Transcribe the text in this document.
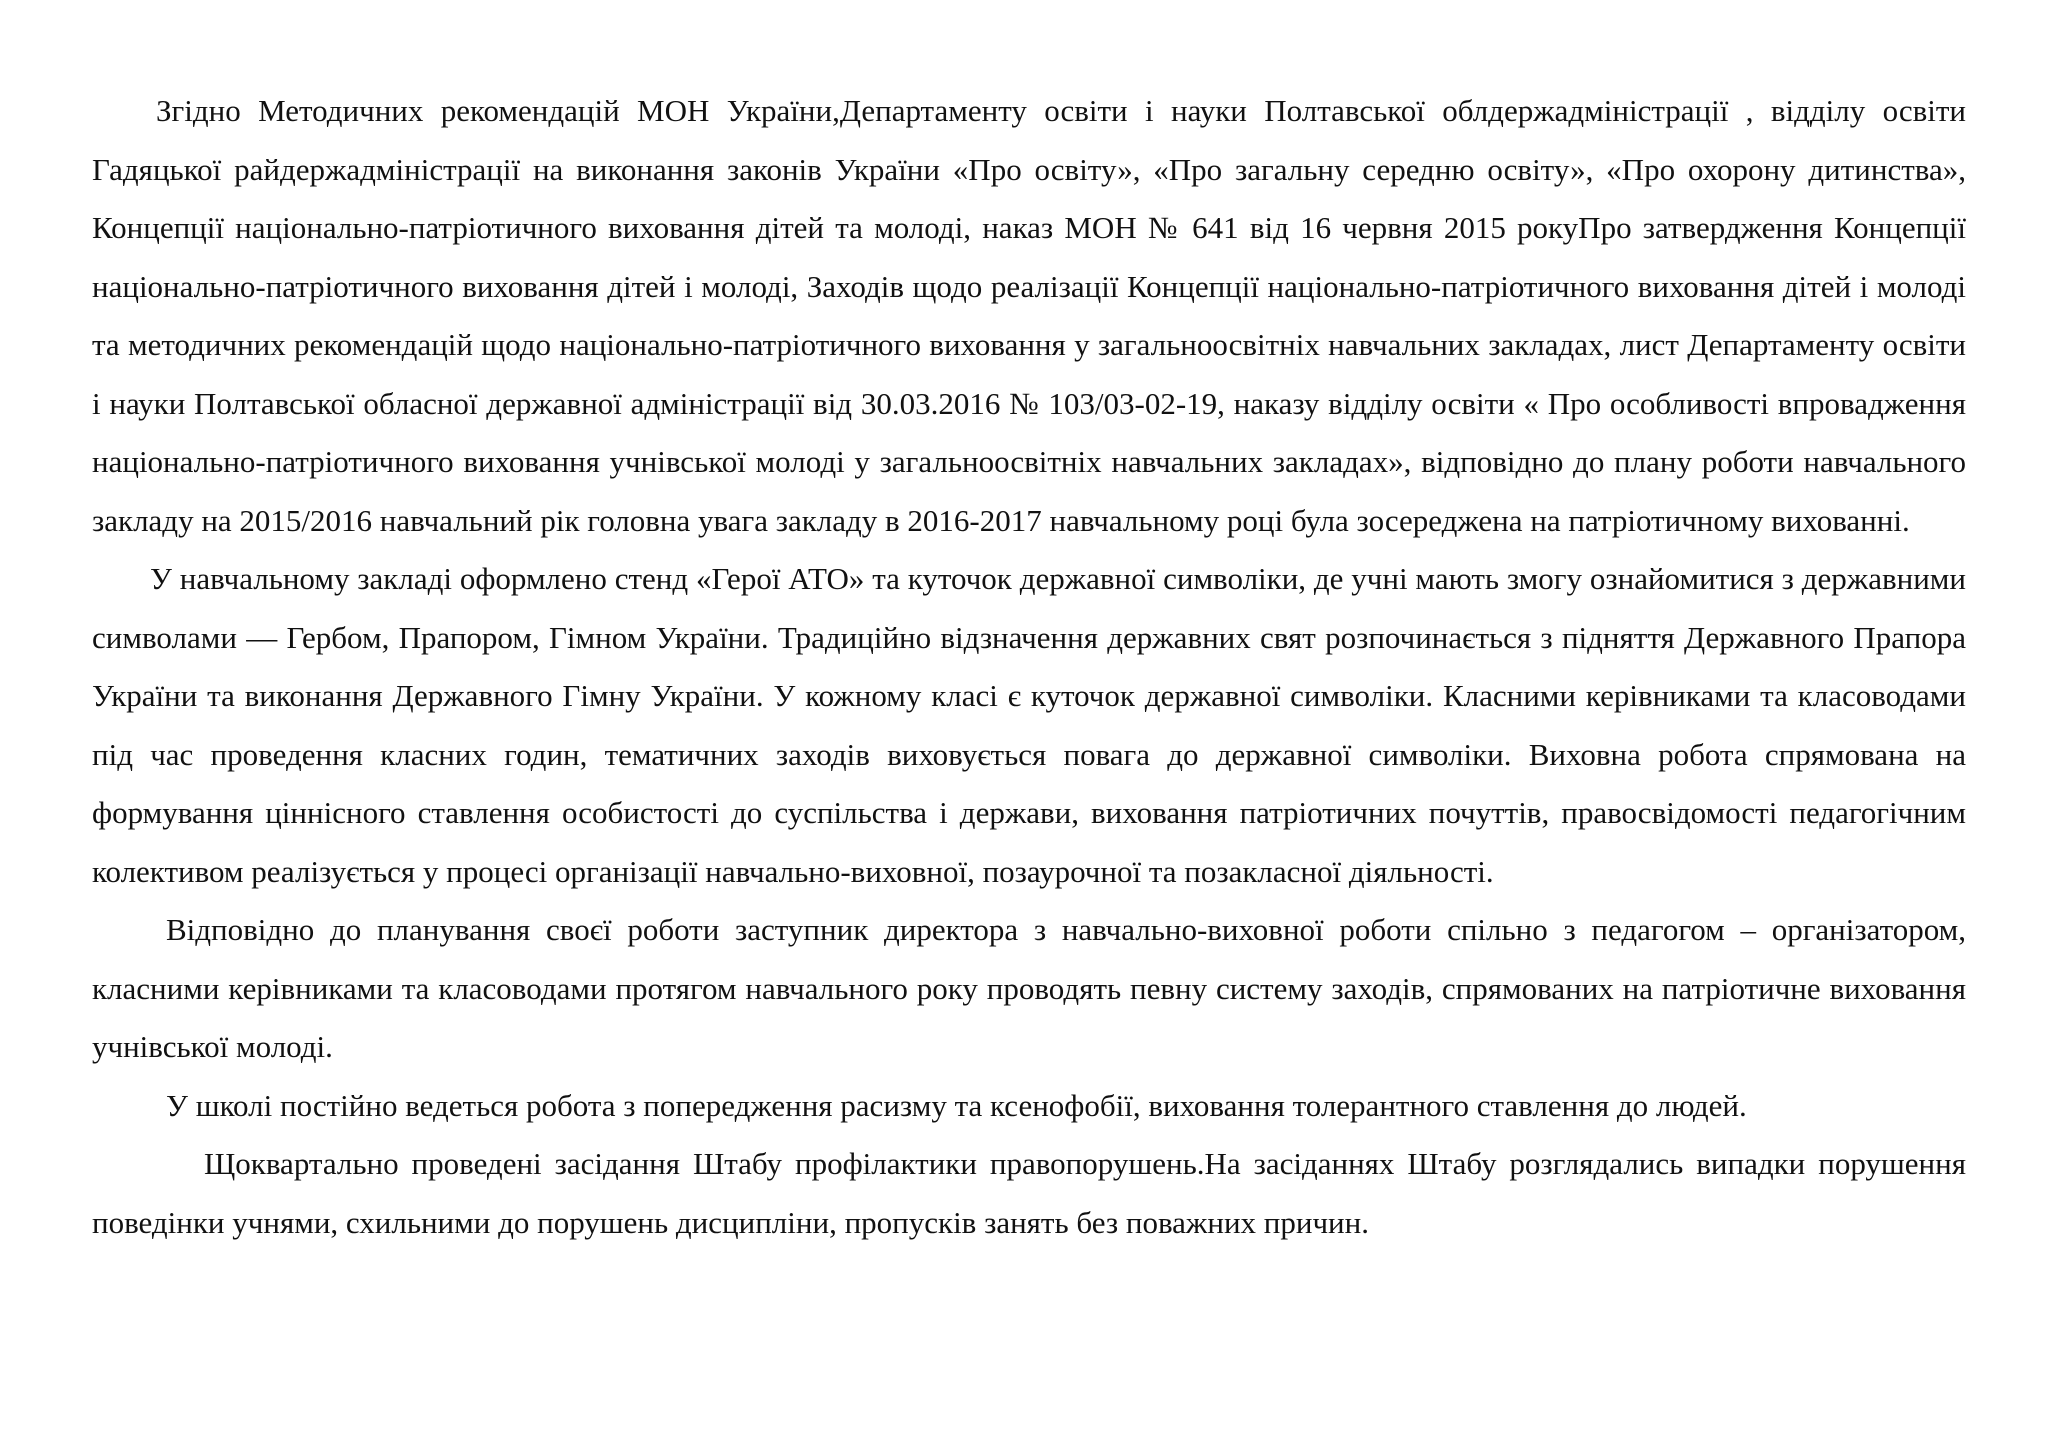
Згідно Методичних рекомендацій МОН України,Департаменту освіти і науки Полтавської облдержадміністрації , відділу освіти Гадяцької райдержадміністрації на виконання законів України «Про освіту», «Про загальну середню освіту», «Про охорону дитинства», Концепції національно-патріотичного виховання дітей та молоді, наказ МОН № 641 від 16 червня 2015 рокуПро затвердження Концепції національно-патріотичного виховання дітей і молоді, Заходів щодо реалізації Концепції національно-патріотичного виховання дітей і молоді та методичних рекомендацій щодо національно-патріотичного виховання у загальноосвітніх навчальних закладах, лист Департаменту освіти і науки Полтавської обласної державної адміністрації від 30.03.2016 № 103/03-02-19, наказу відділу освіти « Про особливості впровадження національно-патріотичного виховання учнівської молоді у загальноосвітніх навчальних закладах», відповідно до плану роботи навчального закладу на 2015/2016 навчальний рік головна увага закладу в 2016-2017 навчальному році була зосереджена на патріотичному вихованні.

У навчальному закладі оформлено стенд «Герої АТО» та куточок державної символіки, де учні мають змогу ознайомитися з державними символами — Гербом, Прапором, Гімном України. Традиційно відзначення державних свят розпочинається з підняття Державного Прапора України та виконання Державного Гімну України. У кожному класі є куточок державної символіки. Класними керівниками та класоводами під час проведення класних годин, тематичних заходів виховується повага до державної символіки. Виховна робота спрямована на формування ціннісного ставлення особистості до суспільства і держави, виховання патріотичних почуттів, правосвідомості педагогічним колективом реалізується у процесі організації навчально-виховної, позаурочної та позакласної діяльності.

Відповідно до планування своєї роботи заступник директора з навчально-виховної роботи спільно з педагогом – організатором, класними керівниками та класоводами протягом навчального року проводять певну систему заходів, спрямованих на патріотичне виховання учнівської молоді.

У школі постійно ведеться робота з попередження расизму та ксенофобії, виховання толерантного ставлення до людей.

Щоквартально проведені засідання Штабу профілактики правопорушень.На засіданнях Штабу розглядались випадки порушення поведінки учнями, схильними до порушень дисципліни, пропусків занять без поважних причин.
